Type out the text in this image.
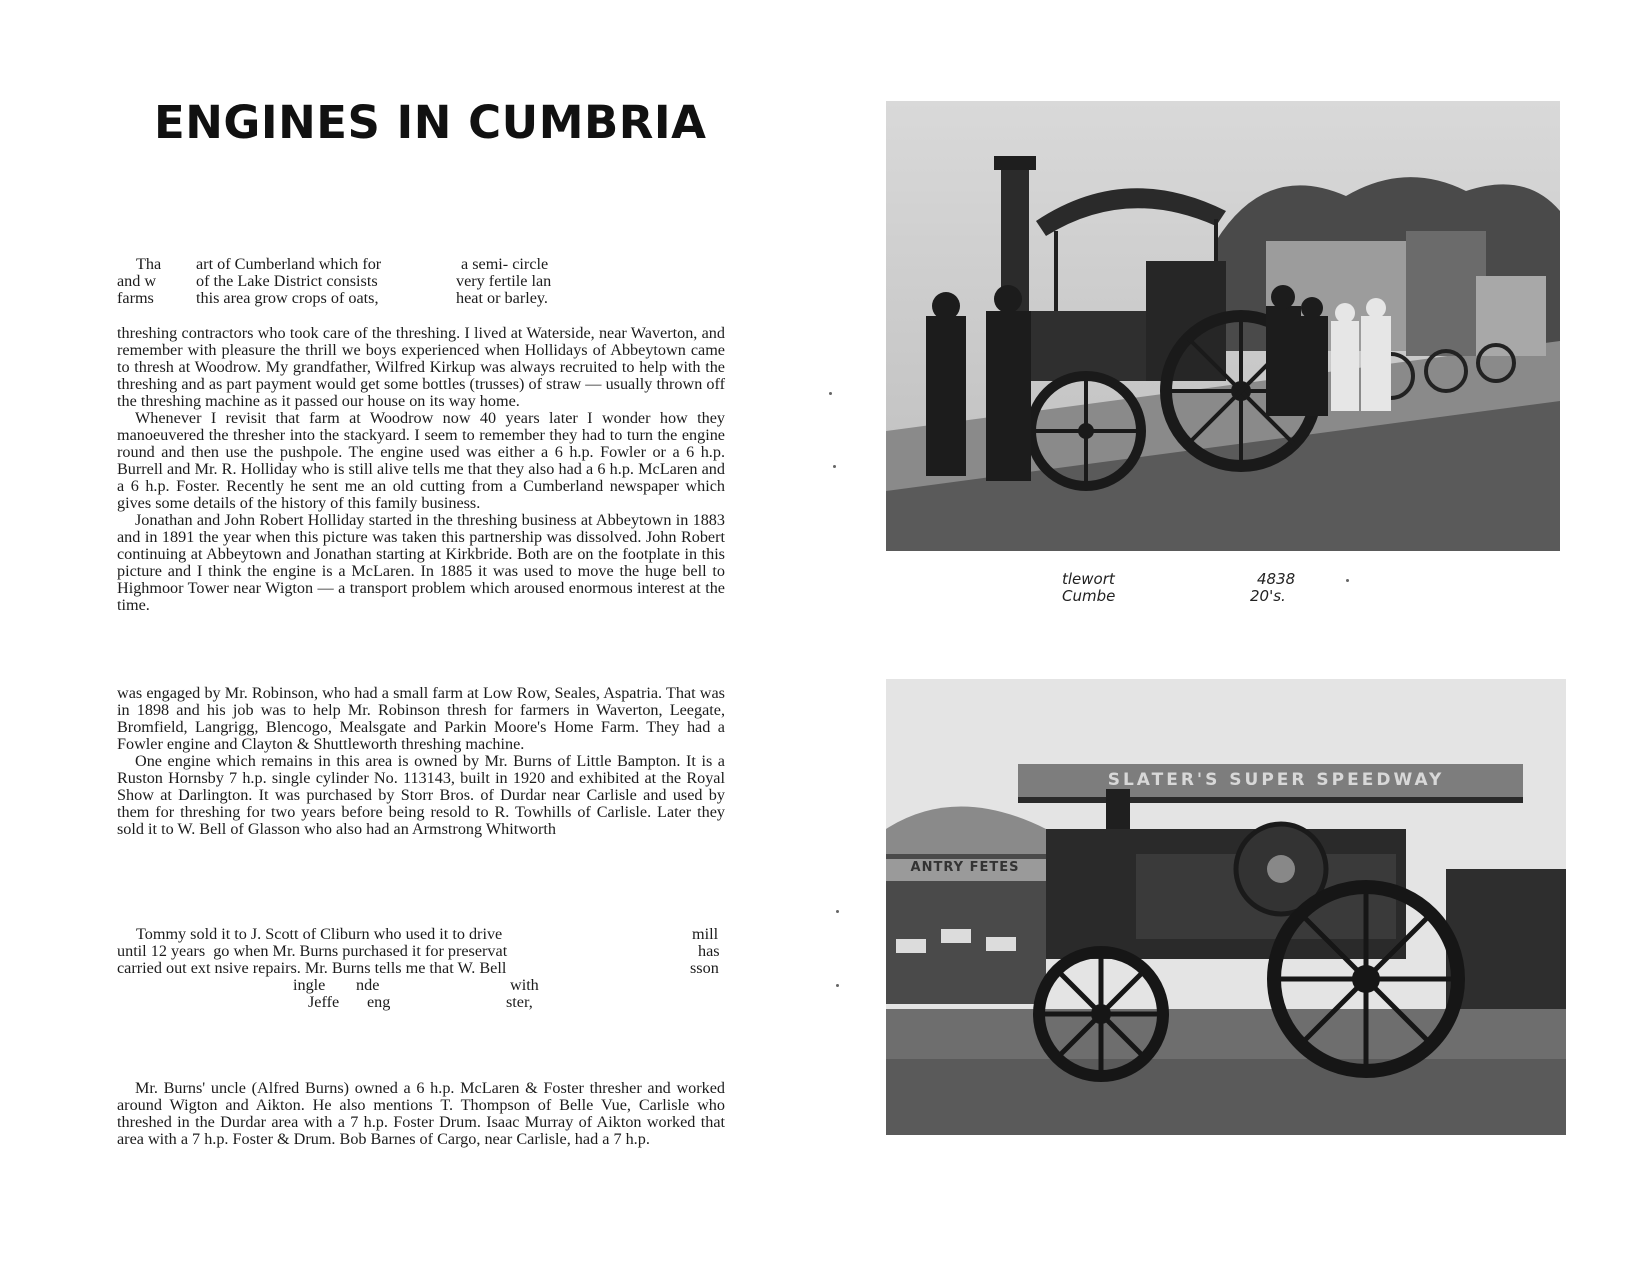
ENGINES IN CUMBRIA
Tha
and w
farms
art of Cumberland which for
of the Lake District consists
this area grow crops of oats,
a semi- circle
very fertile lan
heat or barley.

threshing contractors who took care of the threshing. I lived at Waterside, near Waverton, and remember with pleasure the thrill we boys experienced when Hollidays of Abbeytown came to thresh at Woodrow. My grandfather, Wilfred Kirkup was always recruited to help with the threshing and as part payment would get some bottles (trusses) of straw — usually thrown off the threshing machine as it passed our house on its way home.

Whenever I revisit that farm at Woodrow now 40 years later I wonder how they manoeuvered the thresher into the stackyard. I seem to remember they had to turn the engine round and then use the pushpole. The engine used was either a 6 h.p. Fowler or a 6 h.p. Burrell and Mr. R. Holliday who is still alive tells me that they also had a 6 h.p. McLaren and a 6 h.p. Foster. Recently he sent me an old cutting from a Cumberland newspaper which gives some details of the history of this family business.

Jonathan and John Robert Holliday started in the threshing business at Abbeytown in 1883 and in 1891 the year when this picture was taken this partnership was dissolved. John Robert continuing at Abbeytown and Jonathan starting at Kirkbride. Both are on the footplate in this picture and I think the engine is a McLaren. In 1885 it was used to move the huge bell to Highmoor Tower near Wigton — a transport problem which aroused enormous interest at the time.

was engaged by Mr. Robinson, who had a small farm at Low Row, Seales, Aspatria. That was in 1898 and his job was to help Mr. Robinson thresh for farmers in Waverton, Leegate, Bromfield, Langrigg, Blencogo, Mealsgate and Parkin Moore's Home Farm. They had a Fowler engine and Clayton & Shuttleworth threshing machine.

One engine which remains in this area is owned by Mr. Burns of Little Bampton. It is a Ruston Hornsby 7 h.p. single cylinder No. 113143, built in 1920 and exhibited at the Royal Show at Darlington. It was purchased by Storr Bros. of Durdar near Carlisle and used by them for threshing for two years before being resold to R. Towhills of Carlisle. Later they sold it to W. Bell of Glasson who also had an Armstrong Whitworth

Tommy sold it to J. Scott of Cliburn who used it to drive	mill
until 12 years  go when Mr. Burns purchased it for preservat	has
carried out ext nsive repairs. Mr. Burns tells me that W. Bell	sson
ingle nde	with
Jeffe eng	ster,

Mr. Burns' uncle (Alfred Burns) owned a 6 h.p. McLaren & Foster thresher and worked around Wigton and Aikton. He also mentions T. Thompson of Belle Vue, Carlisle who threshed in the Durdar area with a 7 h.p. Foster Drum. Isaac Murray of Aikton worked that area with a 7 h.p. Foster & Drum. Bob Barnes of Cargo, near Carlisle, had a 7 h.p.

tlewort
Cumbe
4838
20's.
SLATER'S SUPER SPEEDWAY
ANTRY FETES
